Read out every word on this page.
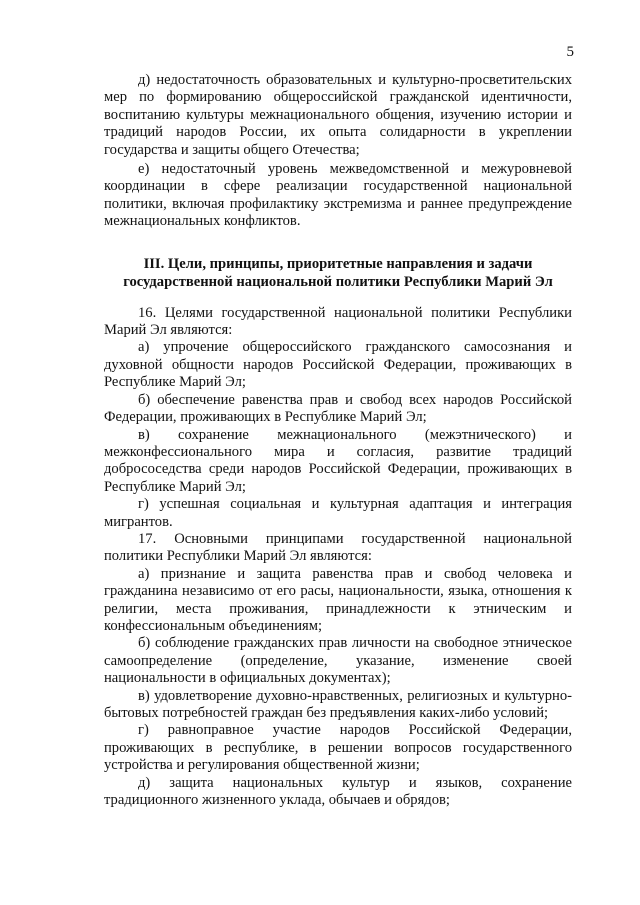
5

д) недостаточность образовательных и культурно-просветительских мер по формированию общероссийской гражданской идентичности, воспитанию культуры межнационального общения, изучению истории и традиций народов России, их опыта солидарности в укреплении государства и защиты общего Отечества;

е) недостаточный уровень межведомственной и межуровневой координации в сфере реализации государственной национальной политики, включая профилактику экстремизма и раннее предупреждение межнациональных конфликтов.

III. Цели, принципы, приоритетные направления и задачи
государственной национальной политики Республики Марий Эл

16. Целями государственной национальной политики Республики Марий Эл являются:

а) упрочение общероссийского гражданского самосознания и духовной общности народов Российской Федерации, проживающих в Республике Марий Эл;

б) обеспечение равенства прав и свобод всех народов Российской Федерации, проживающих в Республике Марий Эл;

в) сохранение межнационального (межэтнического) и межконфессионального мира и согласия, развитие традиций добрососедства среди народов Российской Федерации, проживающих в Республике Марий Эл;

г) успешная социальная и культурная адаптация и интеграция мигрантов.

17. Основными принципами государственной национальной политики Республики Марий Эл являются:

а) признание и защита равенства прав и свобод человека и гражданина независимо от его расы, национальности, языка, отношения к религии, места проживания, принадлежности к этническим и конфессиональным объединениям;

б) соблюдение гражданских прав личности на свободное этническое самоопределение (определение, указание, изменение своей национальности в официальных документах);

в) удовлетворение духовно-нравственных, религиозных и культурно-бытовых потребностей граждан без предъявления каких-либо условий;

г) равноправное участие народов Российской Федерации, проживающих в республике, в решении вопросов государственного устройства и регулирования общественной жизни;

д) защита национальных культур и языков, сохранение традиционного жизненного уклада, обычаев и обрядов;
